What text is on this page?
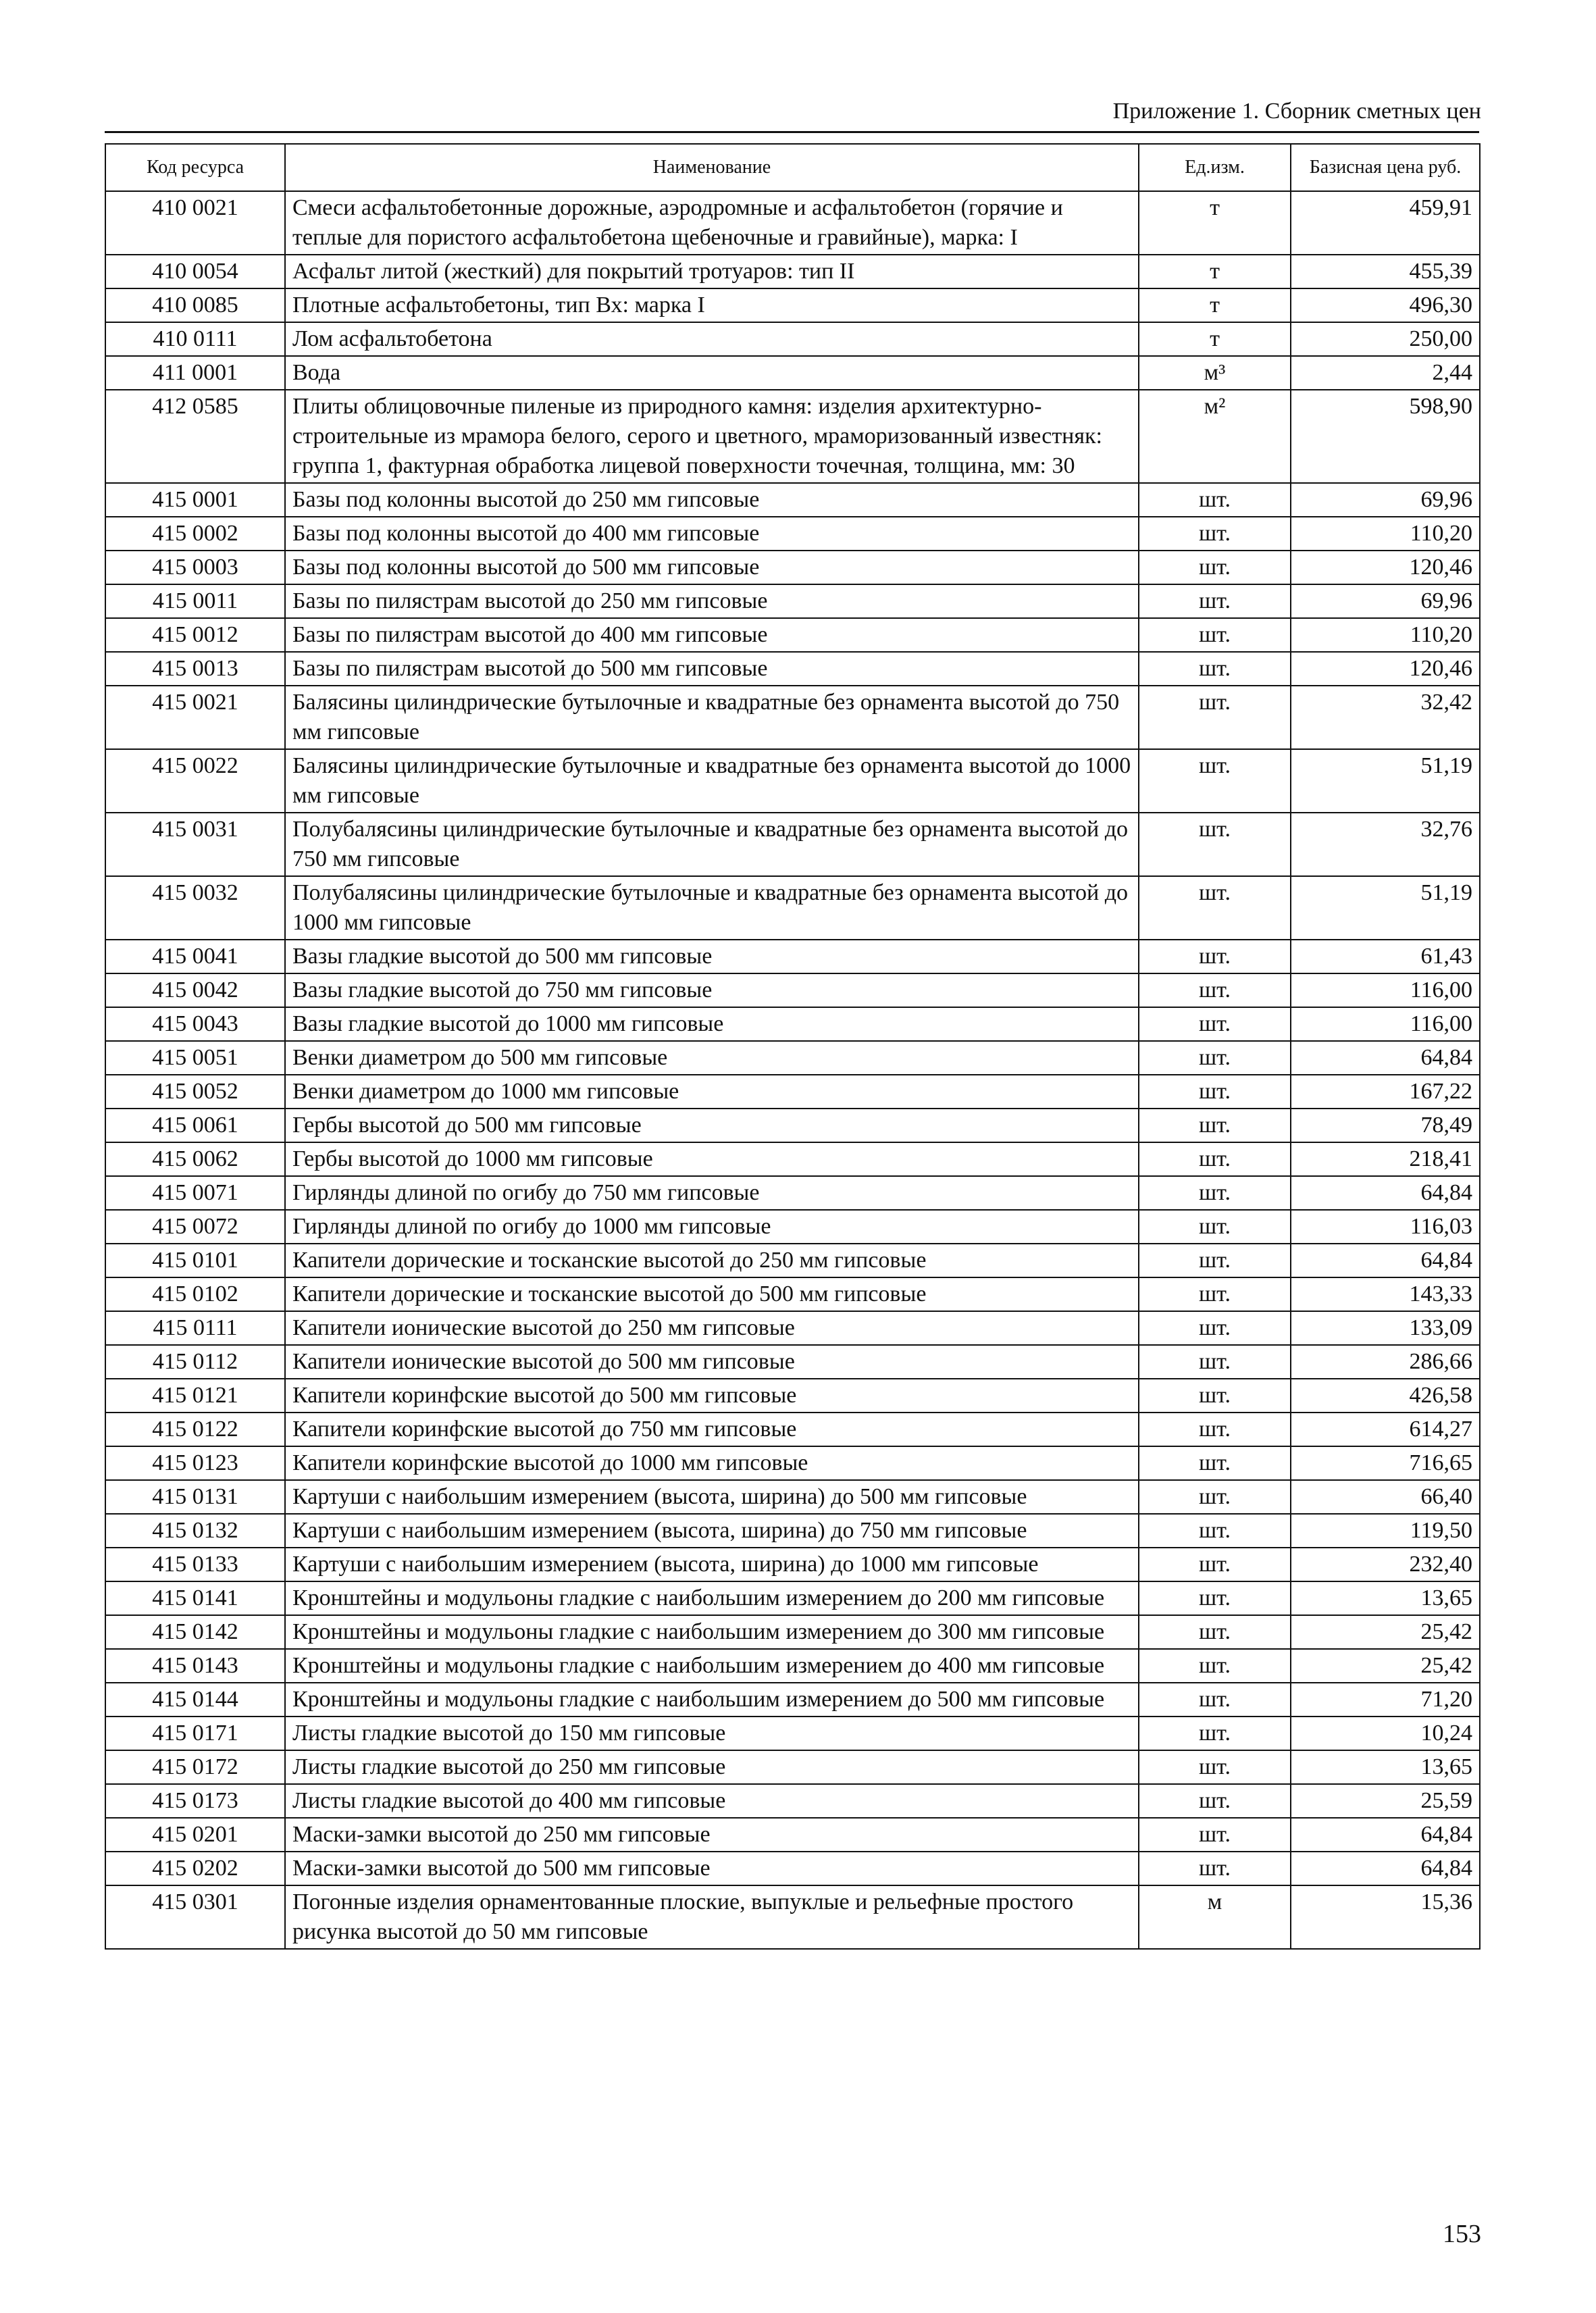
Приложение 1. Сборник сметных цен
Код ресурса	Наименование	Ед.изм.	Базисная цена руб.
410 0021	Смеси асфальтобетонные дорожные, аэродромные и асфальтобетон (горячие и теплые для пористого асфальтобетона щебеночные и гравийные), марка: I	т	459,91
410 0054	Асфальт литой (жесткий) для покрытий тротуаров: тип II	т	455,39
410 0085	Плотные асфальтобетоны, тип Вх: марка I	т	496,30
410 0111	Лом асфальтобетона	т	250,00
411 0001	Вода	м³	2,44
412 0585	Плиты облицовочные пиленые из природного камня: изделия архитектурно-строительные из мрамора белого, серого и цветного, мраморизованный известняк: группа 1, фактурная обработка лицевой поверхности точечная, толщина, мм: 30	м²	598,90
415 0001	Базы под колонны высотой до 250 мм гипсовые	шт.	69,96
415 0002	Базы под колонны высотой до 400 мм гипсовые	шт.	110,20
415 0003	Базы под колонны высотой до 500 мм гипсовые	шт.	120,46
415 0011	Базы по пилястрам высотой до 250 мм гипсовые	шт.	69,96
415 0012	Базы по пилястрам высотой до 400 мм гипсовые	шт.	110,20
415 0013	Базы по пилястрам высотой до 500 мм гипсовые	шт.	120,46
415 0021	Балясины цилиндрические бутылочные и квадратные без орнамента высотой до 750 мм гипсовые	шт.	32,42
415 0022	Балясины цилиндрические бутылочные и квадратные без орнамента высотой до 1000 мм гипсовые	шт.	51,19
415 0031	Полубалясины цилиндрические бутылочные и квадратные без орнамента высотой до 750 мм гипсовые	шт.	32,76
415 0032	Полубалясины цилиндрические бутылочные и квадратные без орнамента высотой до 1000 мм гипсовые	шт.	51,19
415 0041	Вазы гладкие высотой до 500 мм гипсовые	шт.	61,43
415 0042	Вазы гладкие высотой до 750 мм гипсовые	шт.	116,00
415 0043	Вазы гладкие высотой до 1000 мм гипсовые	шт.	116,00
415 0051	Венки диаметром до 500 мм гипсовые	шт.	64,84
415 0052	Венки диаметром до 1000 мм гипсовые	шт.	167,22
415 0061	Гербы высотой до 500 мм гипсовые	шт.	78,49
415 0062	Гербы высотой до 1000 мм гипсовые	шт.	218,41
415 0071	Гирлянды длиной по огибу до 750 мм гипсовые	шт.	64,84
415 0072	Гирлянды длиной по огибу до 1000 мм гипсовые	шт.	116,03
415 0101	Капители дорические и тосканские высотой до 250 мм гипсовые	шт.	64,84
415 0102	Капители дорические и тосканские высотой до 500 мм гипсовые	шт.	143,33
415 0111	Капители ионические высотой до 250 мм гипсовые	шт.	133,09
415 0112	Капители ионические высотой до 500 мм гипсовые	шт.	286,66
415 0121	Капители коринфские высотой до 500 мм гипсовые	шт.	426,58
415 0122	Капители коринфские высотой до 750 мм гипсовые	шт.	614,27
415 0123	Капители коринфские высотой до 1000 мм гипсовые	шт.	716,65
415 0131	Картуши с наибольшим измерением (высота, ширина) до 500 мм гипсовые	шт.	66,40
415 0132	Картуши с наибольшим измерением (высота, ширина) до 750 мм гипсовые	шт.	119,50
415 0133	Картуши с наибольшим измерением (высота, ширина) до 1000 мм гипсовые	шт.	232,40
415 0141	Кронштейны и модульоны гладкие с наибольшим измерением до 200 мм гипсовые	шт.	13,65
415 0142	Кронштейны и модульоны гладкие с наибольшим измерением до 300 мм гипсовые	шт.	25,42
415 0143	Кронштейны и модульоны гладкие с наибольшим измерением до 400 мм гипсовые	шт.	25,42
415 0144	Кронштейны и модульоны гладкие с наибольшим измерением до 500 мм гипсовые	шт.	71,20
415 0171	Листы гладкие высотой до 150 мм гипсовые	шт.	10,24
415 0172	Листы гладкие высотой до 250 мм гипсовые	шт.	13,65
415 0173	Листы гладкие высотой до 400 мм гипсовые	шт.	25,59
415 0201	Маски-замки высотой до 250 мм гипсовые	шт.	64,84
415 0202	Маски-замки высотой до 500 мм гипсовые	шт.	64,84
415 0301	Погонные изделия орнаментованные плоские, выпуклые и рельефные простого рисунка высотой до 50 мм гипсовые	м	15,36
153
